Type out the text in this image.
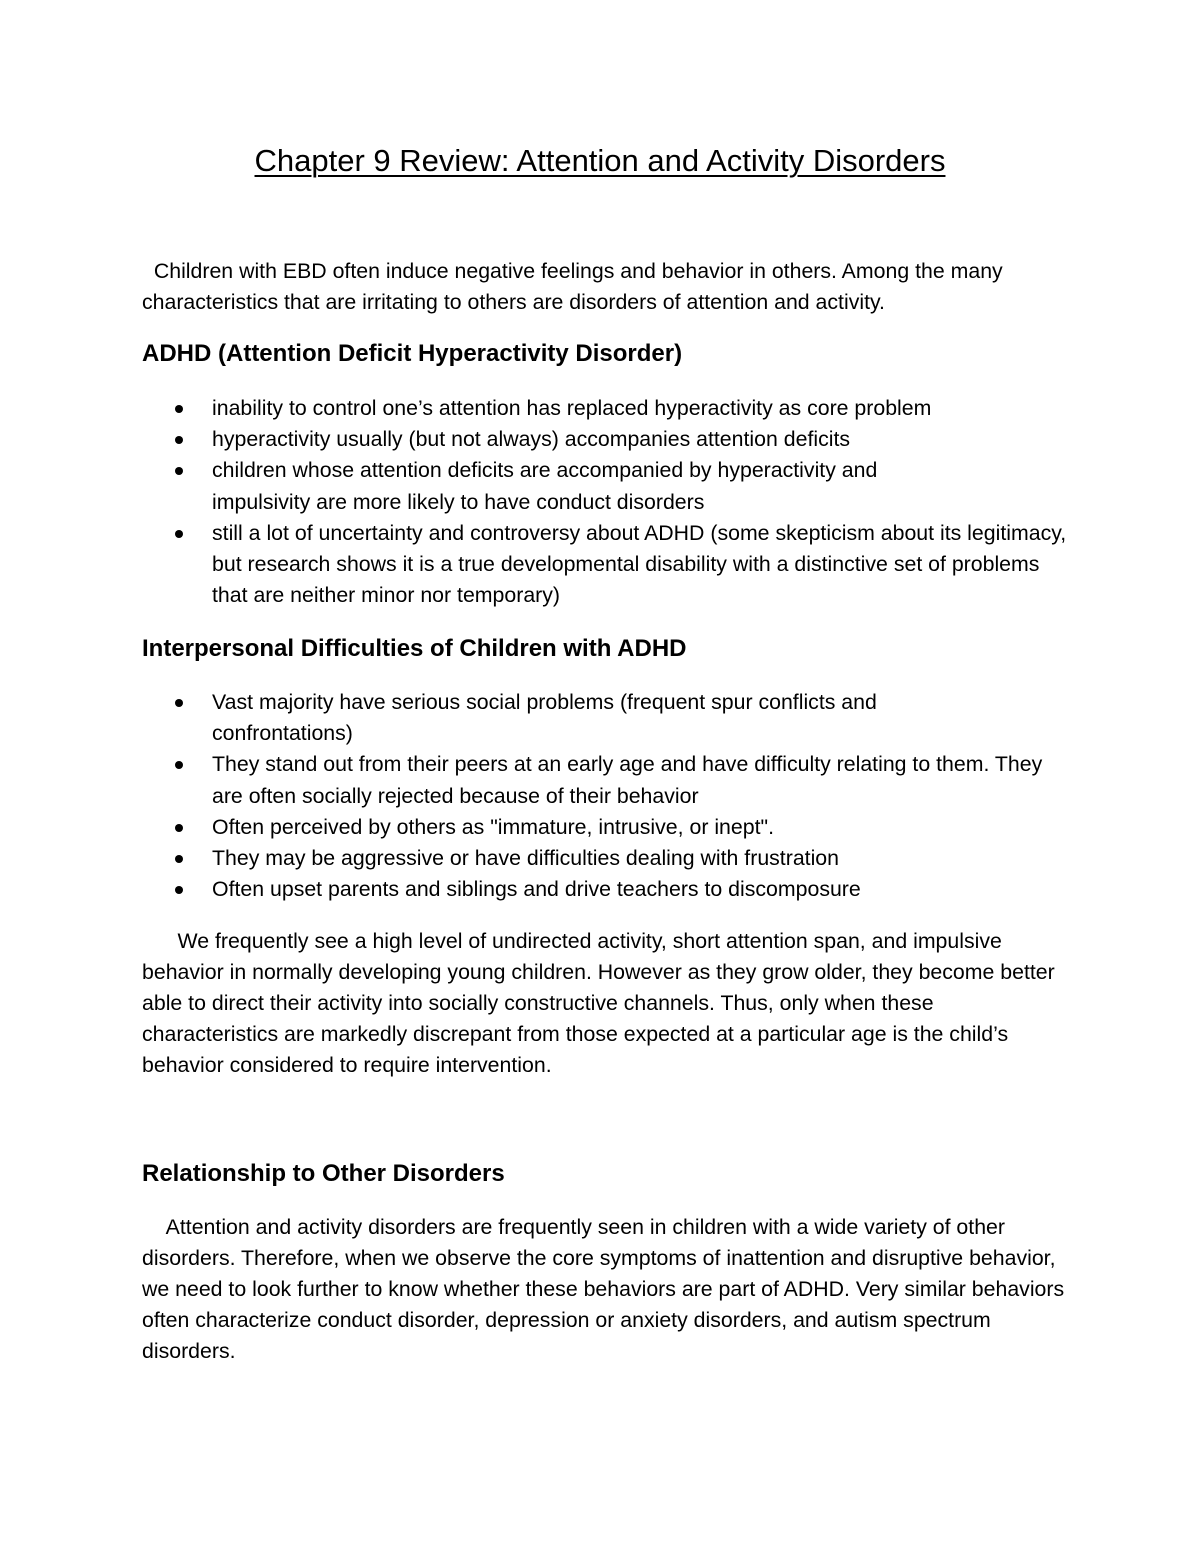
Chapter 9 Review: Attention and Activity Disorders

Children with EBD often induce negative feelings and behavior in others. Among the many characteristics that are irritating to others are disorders of attention and activity.

ADHD (Attention Deficit Hyperactivity Disorder)
inability to control one’s attention has replaced hyperactivity as core problem
hyperactivity usually (but not always) accompanies attention deficits
children whose attention deficits are accompanied by hyperactivity and impulsivity are more likely to have conduct disorders
still a lot of uncertainty and controversy about ADHD (some skepticism about its legitimacy, but research shows it is a true developmental disability with a distinctive set of problems that are neither minor nor temporary)
Interpersonal Difficulties of Children with ADHD
Vast majority have serious social problems (frequent spur conflicts and confrontations)
They stand out from their peers at an early age and have difficulty relating to them. They are often socially rejected because of their behavior
Often perceived by others as "immature, intrusive, or inept".
They may be aggressive or have difficulties dealing with frustration
Often upset parents and siblings and drive teachers to discomposure

We frequently see a high level of undirected activity, short attention span, and impulsive behavior in normally developing young children. However as they grow older, they become better able to direct their activity into socially constructive channels. Thus, only when these characteristics are markedly discrepant from those expected at a particular age is the child’s behavior considered to require intervention.

Relationship to Other Disorders

Attention and activity disorders are frequently seen in children with a wide variety of other disorders. Therefore, when we observe the core symptoms of inattention and disruptive behavior, we need to look further to know whether these behaviors are part of ADHD. Very similar behaviors often characterize conduct disorder, depression or anxiety disorders, and autism spectrum disorders.
